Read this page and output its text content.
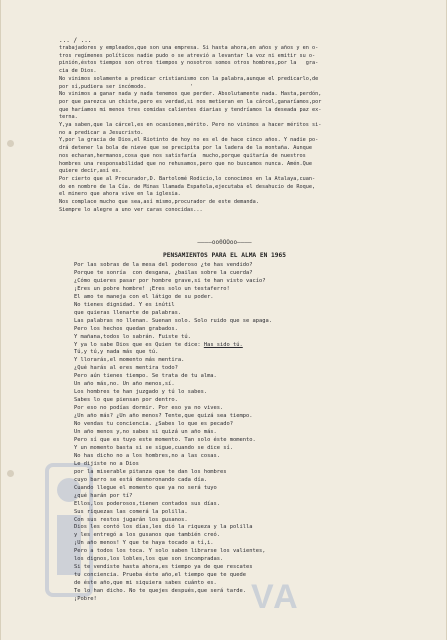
VA
... / ...
trabajadores y empleados,que son una empresa. Si hasta ahora,en años y años y en o-
tros regímenes políticos nadie pudo o se atrevió a levantar la voz ni emitir su o-
pinión,éstos tiempos son otros tiempos y nosotros somos otros hombres,por la   gra-
cia de Dios.
No vinimos solamente a predicar cristianismo con la palabra,aunque el predicarlo,de
por sí,pudiera ser incómodo.              '
No vinimos a ganar nada y nada tenemos que perder. Absolutamente nada. Hasta,perdón,
por que parezca un chiste,pero es verdad,si nos metieran en la cárcel,ganaríamos,por
que haríamos mi menos tres comidas calientes diarias y tendríamos la deseada paz ex-
terna.
Y,ya saben,que la cárcel,es en ocasiones,mérito. Pero no vinimos a hacer méritos si-
no a predicar a Jesucristo.
Y,por la gracia de Dios,el Riotinto de hoy no es el de hace cinco años. Y nadie po-
drá detener la bola de nieve que se precipita por la ladera de la montaña. Aunque
nos echaran,hermanos,cosa que nos satisfaría  mucho,porque quitaría de nuestros
hombres una responsabilidad que no rehusamos,pero que no buscamos nunca. Amén.Que
quiere decir,así es.
Por cierto que al Procurador,D. Bartolomé Rodicio,lo conocimos en la Atalaya,cuan-
do en nombre de la Cía. de Minas llamada Española,ejecutaba el desahucio de Roque,
el minero que ahora vive en la iglesia.
Nos complace mucho que sea,así mismo,procurador de este demanda.
Siempre lo alegre a uno ver caras conocidas...
————oo0OOoo————
PENSAMIENTOS PARA EL ALMA EN 1965
Por las sobras de la mesa del poderoso ¿te has vendido?
Porque te sonría  con desgana, ¿bailas sobre la cuerda?
¿Cómo quieres pasar por hombre grave,si te han visto vacío?
¡Eres un pobre hombre! ¡Eres solo un testaferro!
El amo te maneja con el látigo de su poder.
No tienes dignidad. Y es inútil
que quieras llenarte de palabras.
Las palabras no llenan. Suenan solo. Solo ruido que se apaga.
Pero los hechos quedan grabados.
Y mañana,todos lo sabrán. Fuiste tú.
Y ya lo sabe Dios que es Quien te dice: Has sido tú.
Tú,y tú,y nada más que tú.
Y llorarás,el momento más mentira.
¿Qué harás al eres mentira todo?
Pero aún tienes tiempo. Se trata de tu alma.
Un año más,no. Un año menos,sí.
Los hombres te han juzgado y tú lo sabes.
Sabes lo que piensan por dentro.
Por eso no podías dormir. Por eso ya no vives.
¿Un año más? ¿Un año menos? Tente,que quizá sea tiempo.
No vendas tu conciencia. ¿Sabes lo que es pecado?
Un año menos y,no sabes si quizá un año más.
Pero sí que es tuyo este momento. Tan solo éste momento.
Y un momento basta si se sigue,cuando se dice sí.
No has dicho no a los hombres,no a las cosas.
Le dijiste no a Dios
por la miserable pitanza que te dan los hombres
cuyo barro se está desmoronando cada día.
Cuando llegue el momento que ya no será tuyo
¿qué harán por tí?
Ellos,los poderosos,tienen contados sus días.
Sus riquezas las comerá la polilla.
Con sus restos jugarán los gusanos.
Dios les contó los días,les dió la riqueza y la polilla
y les entregó a los gusanos que también creó.
¡Un año menos! Y que te haya tocado a tí,i.
Pero a todos los toca. Y solo saben librarse los valientes,
los dignos,los lobles,los que son incompradas.
Si te vendiste hasta ahora,es tiempo ya de que rescates
tu conciencia. Prueba éste año,el tiempo que te quede
de éste año,que mi siquiera sabes cuánto es.
Te lo han dicho. No te quejes después,que será tarde.
¡Pobre!
